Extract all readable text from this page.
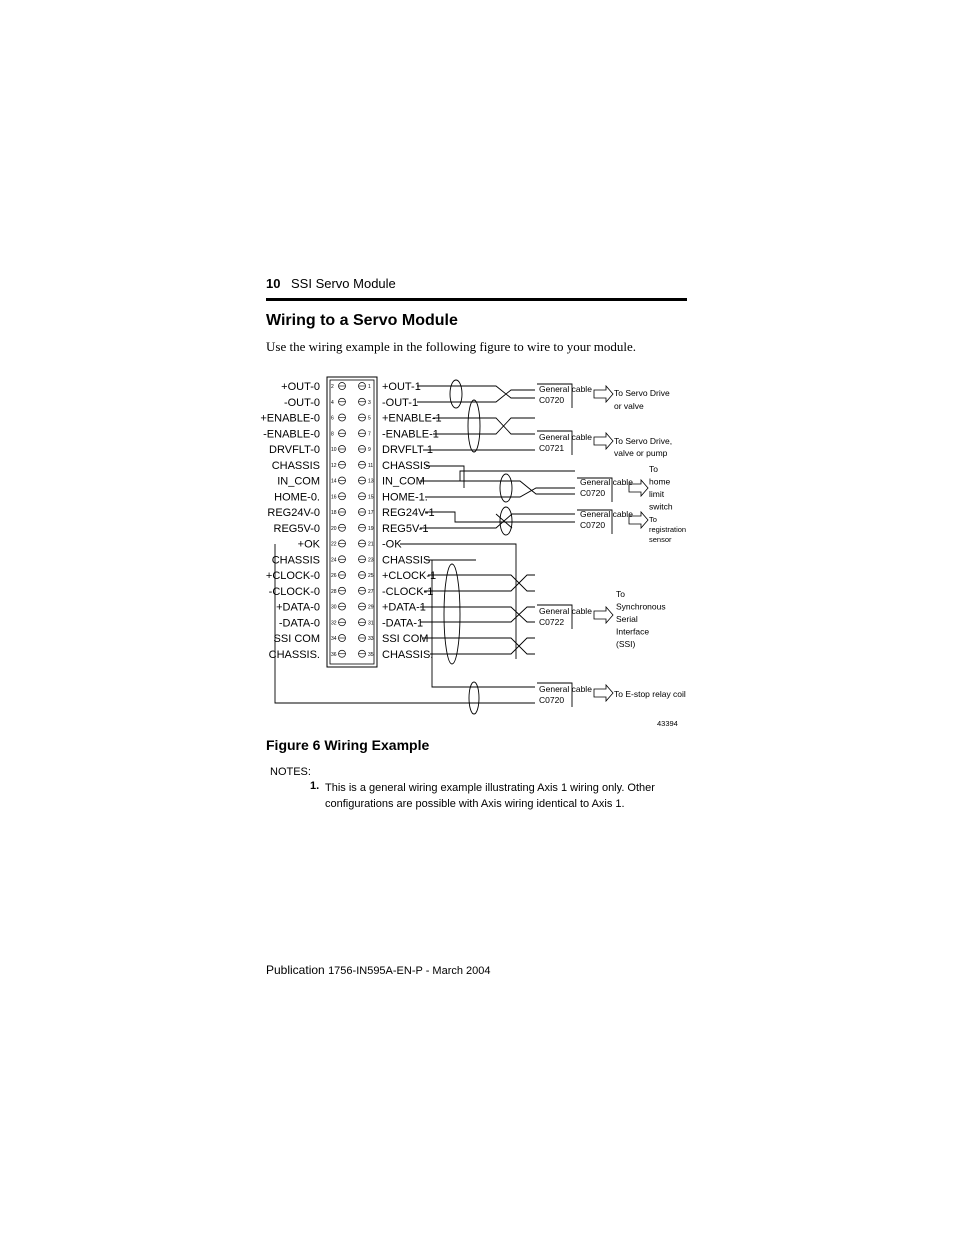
10 SSI Servo Module
Wiring to a Servo Module
Use the wiring example in the following figure to wire to your module.
2
4
6
8
10
12
14
16
18
20
22
24
26
28
30
32
34
36
1
3
5
7
9
11
13
15
17
19
21
23
25
27
29
31
33
35
+OUT-0
-OUT-0
+ENABLE-0
-ENABLE-0
DRVFLT-0
CHASSIS
IN_COM
HOME-0.
REG24V-0
REG5V-0
+OK
CHASSIS
+CLOCK-0
-CLOCK-0
+DATA-0
-DATA-0
SSI COM
CHASSIS.
+OUT-1
-OUT-1
+ENABLE-1
-ENABLE-1
DRVFLT-1
CHASSIS
IN_COM
HOME-1.
REG24V-1
REG5V-1
-OK
CHASSIS
+CLOCK-1
-CLOCK-1
+DATA-1
-DATA-1
SSI COM
CHASSIS.
General cable
C0720
General cable
C0721
General cable
C0720
General cable
C0720
General cable
C0722
General cable
C0720
To Servo Drive or valve
To Servo Drive, valve or pump
To home limit switch
To registration sensor
To Synchronous Serial Interface (SSI)
To E-stop relay coil
43394
Figure 6 Wiring Example
NOTES:
1. This is a general wiring example illustrating Axis 1 wiring only. Other configurations are possible with Axis wiring identical to Axis 1.
Publication 1756-IN595A-EN-P - March 2004
